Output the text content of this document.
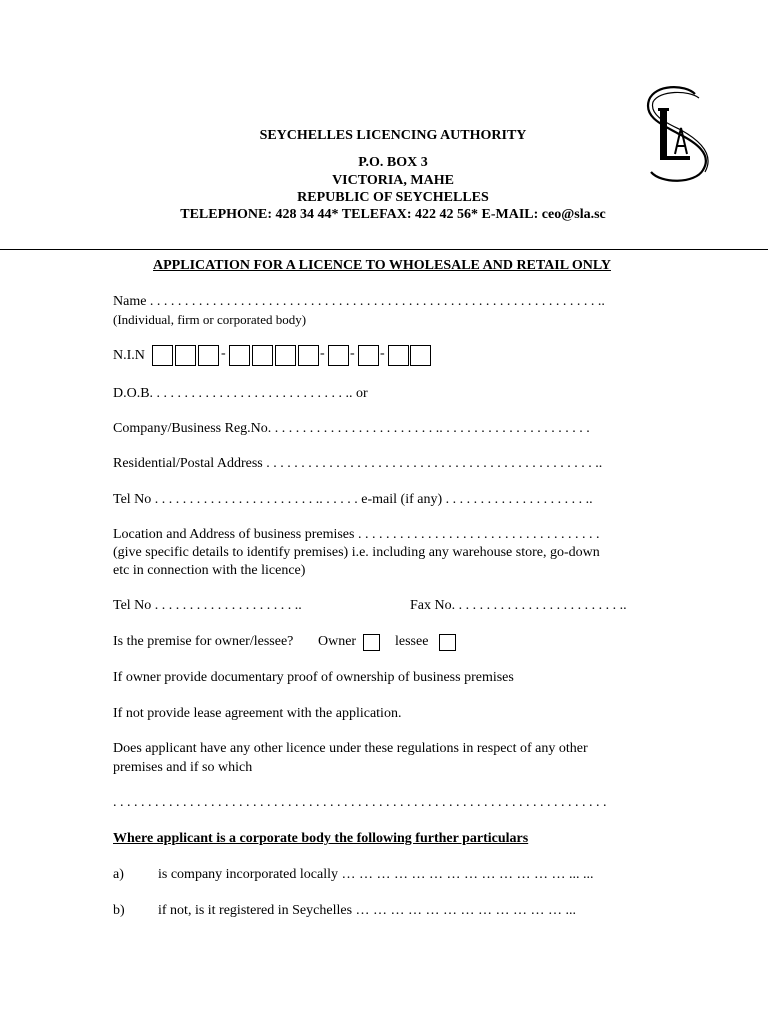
SEYCHELLES LICENCING AUTHORITY
P.O. BOX 3
VICTORIA, MAHE
REPUBLIC OF SEYCHELLES
TELEPHONE: 428 34 44* TELEFAX: 422 42 56* E-MAIL: ceo@sla.sc
APPLICATION FOR A LICENCE TO WHOLESALE AND RETAIL ONLY
Name . . . . . . . . . . . . . . . . . . . . . . . . . . . . . . . . . . . . . . . . . . . . . . . . . . . . . . . . . . . . . . . . ..
(Individual, firm or corporated body)
N.I.N	-	- - -
D.O.B. . . . . . . . . . . . . . . . . . . . . . . . . . . . .. or
Company/Business Reg.No. . . . . . . . . . . . . . . . . . . . . . . . .. . . . . . . . . . . . . . . . . . . . . .
Residential/Postal Address . . . . . . . . . . . . . . . . . . . . . . . . . . . . . . . . . . . . . . . . . . . . . . . ..
Tel No . . . . . . . . . . . . . . . . . . . . . . . .. . . . . . e-mail (if any) . . . . . . . . . . . . . . . . . . . . ..
Location and Address of business premises . . . . . . . . . . . . . . . . . . . . . . . . . . . . . . . . . . .
(give specific details to identify premises) i.e. including any warehouse store, go-down
etc in connection with the licence)
Tel No . . . . . . . . . . . . . . . . . . . . ..	Fax No. . . . . . . . . . . . . . . . . . . . . . . . ..
Is the premise for owner/lessee? Owner	lessee
If owner provide documentary proof of ownership of business premises
If not provide lease agreement with the application.
Does applicant have any other licence under these regulations in respect of any other
premises and if so which
. . . . . . . . . . . . . . . . . . . . . . . . . . . . . . . . . . . . . . . . . . . . . . . . . . . . . . . . . . . . . . . . . . . . . . .
Where applicant is a corporate body the following further particulars
a) is company incorporated locally … … … … … … … … … … … … … ... ...
b) if not, is it registered in Seychelles … … … … … … … … … … … … ...
